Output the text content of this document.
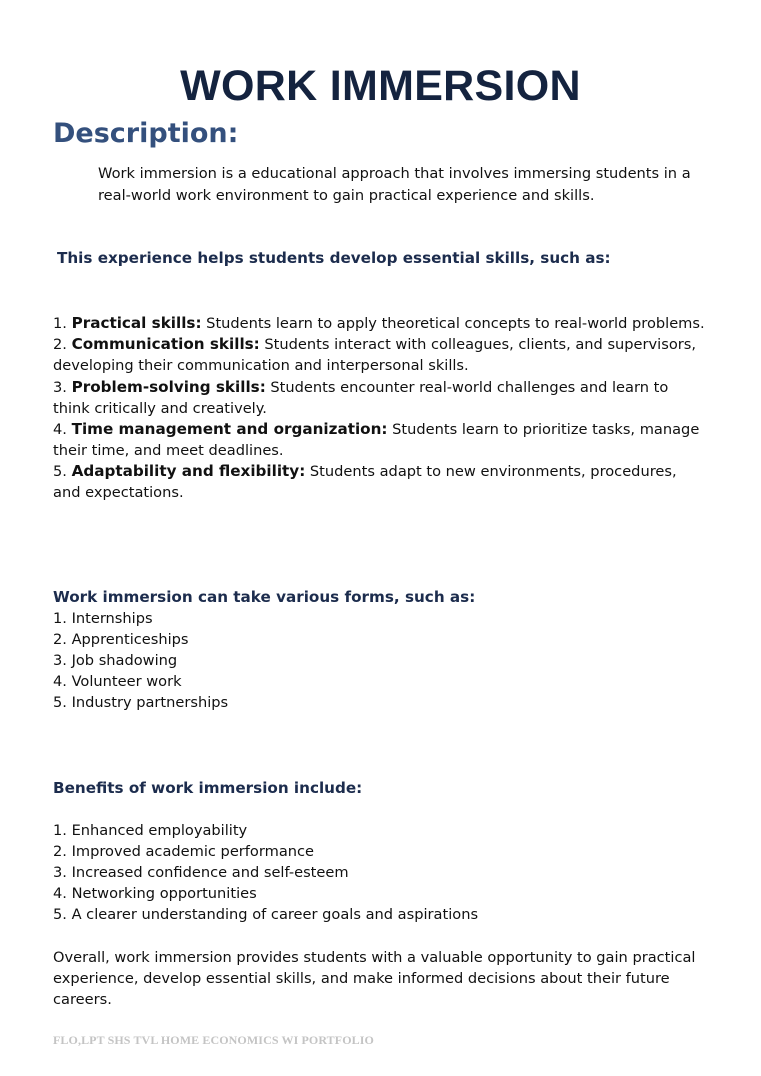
WORK IMMERSION
Description:

Work immersion is a educational approach that involves immersing students in a real-world work environment to gain practical experience and skills.

This experience helps students develop essential skills, such as:
1. Practical skills: Students learn to apply theoretical concepts to real-world problems.
2. Communication skills: Students interact with colleagues, clients, and supervisors, developing their communication and interpersonal skills.
3. Problem-solving skills: Students encounter real-world challenges and learn to think critically and creatively.
4. Time management and organization: Students learn to prioritize tasks, manage their time, and meet deadlines.
5. Adaptability and flexibility: Students adapt to new environments, procedures, and expectations.
Work immersion can take various forms, such as:
1. Internships
2. Apprenticeships
3. Job shadowing
4. Volunteer work
5. Industry partnerships
Benefits of work immersion include:
1. Enhanced employability
2. Improved academic performance
3. Increased confidence and self-esteem
4. Networking opportunities
5. A clearer understanding of career goals and aspirations

Overall, work immersion provides students with a valuable opportunity to gain practical experience, develop essential skills, and make informed decisions about their future careers.

FLO,LPT SHS TVL HOME ECONOMICS WI PORTFOLIO
